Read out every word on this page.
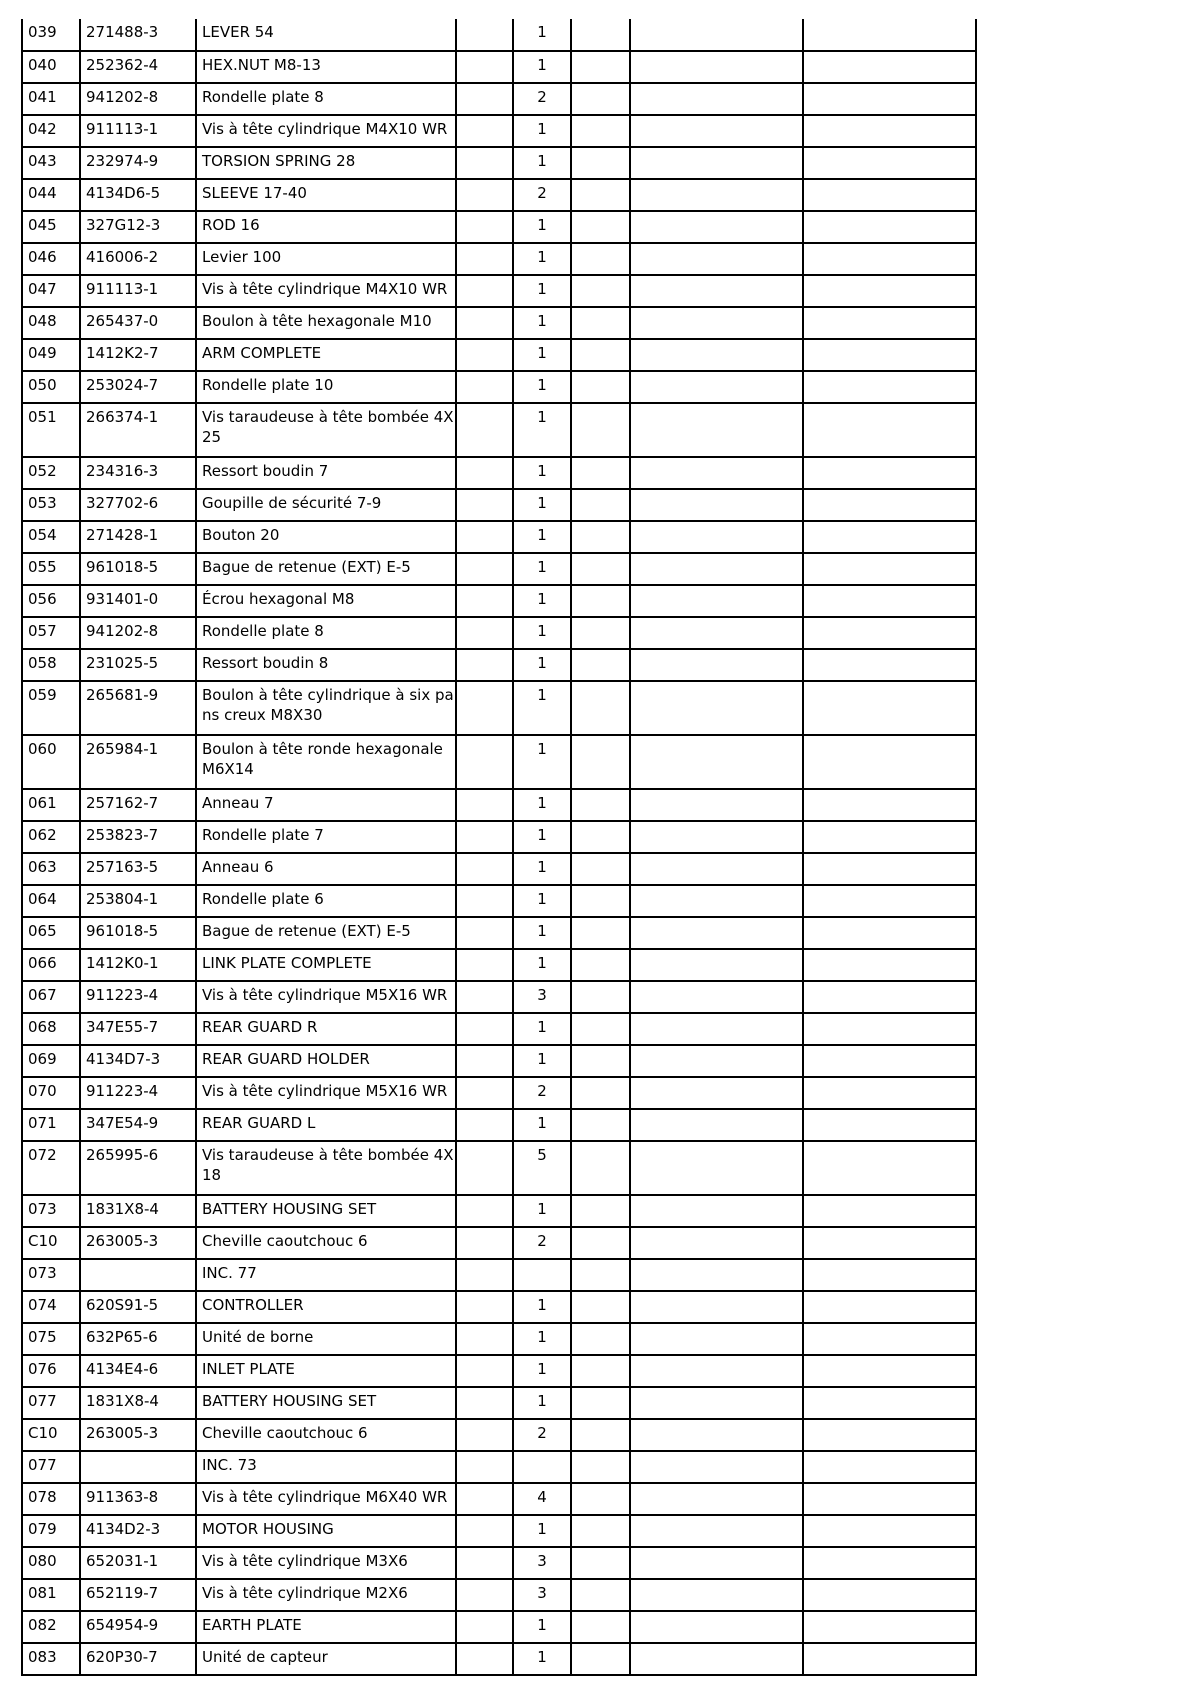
039	271488-3	LEVER 54		1			
040	252362-4	HEX.NUT M8-13		1			
041	941202-8	Rondelle plate 8		2			
042	911113-1	Vis à tête cylindrique M4X10 WR		1			
043	232974-9	TORSION SPRING 28		1			
044	4134D6-5	SLEEVE 17-40		2			
045	327G12-3	ROD 16		1			
046	416006-2	Levier 100		1			
047	911113-1	Vis à tête cylindrique M4X10 WR		1			
048	265437-0	Boulon à tête hexagonale M10		1			
049	1412K2-7	ARM COMPLETE		1			
050	253024-7	Rondelle plate 10		1			
051	266374-1	Vis taraudeuse à tête bombée 4X25		1			
052	234316-3	Ressort boudin 7		1			
053	327702-6	Goupille de sécurité 7-9		1			
054	271428-1	Bouton 20		1			
055	961018-5	Bague de retenue (EXT) E-5		1			
056	931401-0	Écrou hexagonal M8		1			
057	941202-8	Rondelle plate 8		1			
058	231025-5	Ressort boudin 8		1			
059	265681-9	Boulon à tête cylindrique à six pans creux M8X30		1			
060	265984-1	Boulon à tête ronde hexagonale M6X14		1			
061	257162-7	Anneau 7		1			
062	253823-7	Rondelle plate 7		1			
063	257163-5	Anneau 6		1			
064	253804-1	Rondelle plate 6		1			
065	961018-5	Bague de retenue (EXT) E-5		1			
066	1412K0-1	LINK PLATE COMPLETE		1			
067	911223-4	Vis à tête cylindrique M5X16 WR		3			
068	347E55-7	REAR GUARD R		1			
069	4134D7-3	REAR GUARD HOLDER		1			
070	911223-4	Vis à tête cylindrique M5X16 WR		2			
071	347E54-9	REAR GUARD L		1			
072	265995-6	Vis taraudeuse à tête bombée 4X18		5			
073	1831X8-4	BATTERY HOUSING SET		1			
C10	263005-3	Cheville caoutchouc 6		2			
073		INC. 77					
074	620S91-5	CONTROLLER		1			
075	632P65-6	Unité de borne		1			
076	4134E4-6	INLET PLATE		1			
077	1831X8-4	BATTERY HOUSING SET		1			
C10	263005-3	Cheville caoutchouc 6		2			
077		INC. 73					
078	911363-8	Vis à tête cylindrique M6X40 WR		4			
079	4134D2-3	MOTOR HOUSING		1			
080	652031-1	Vis à tête cylindrique M3X6		3			
081	652119-7	Vis à tête cylindrique M2X6		3			
082	654954-9	EARTH PLATE		1			
083	620P30-7	Unité de capteur		1			
